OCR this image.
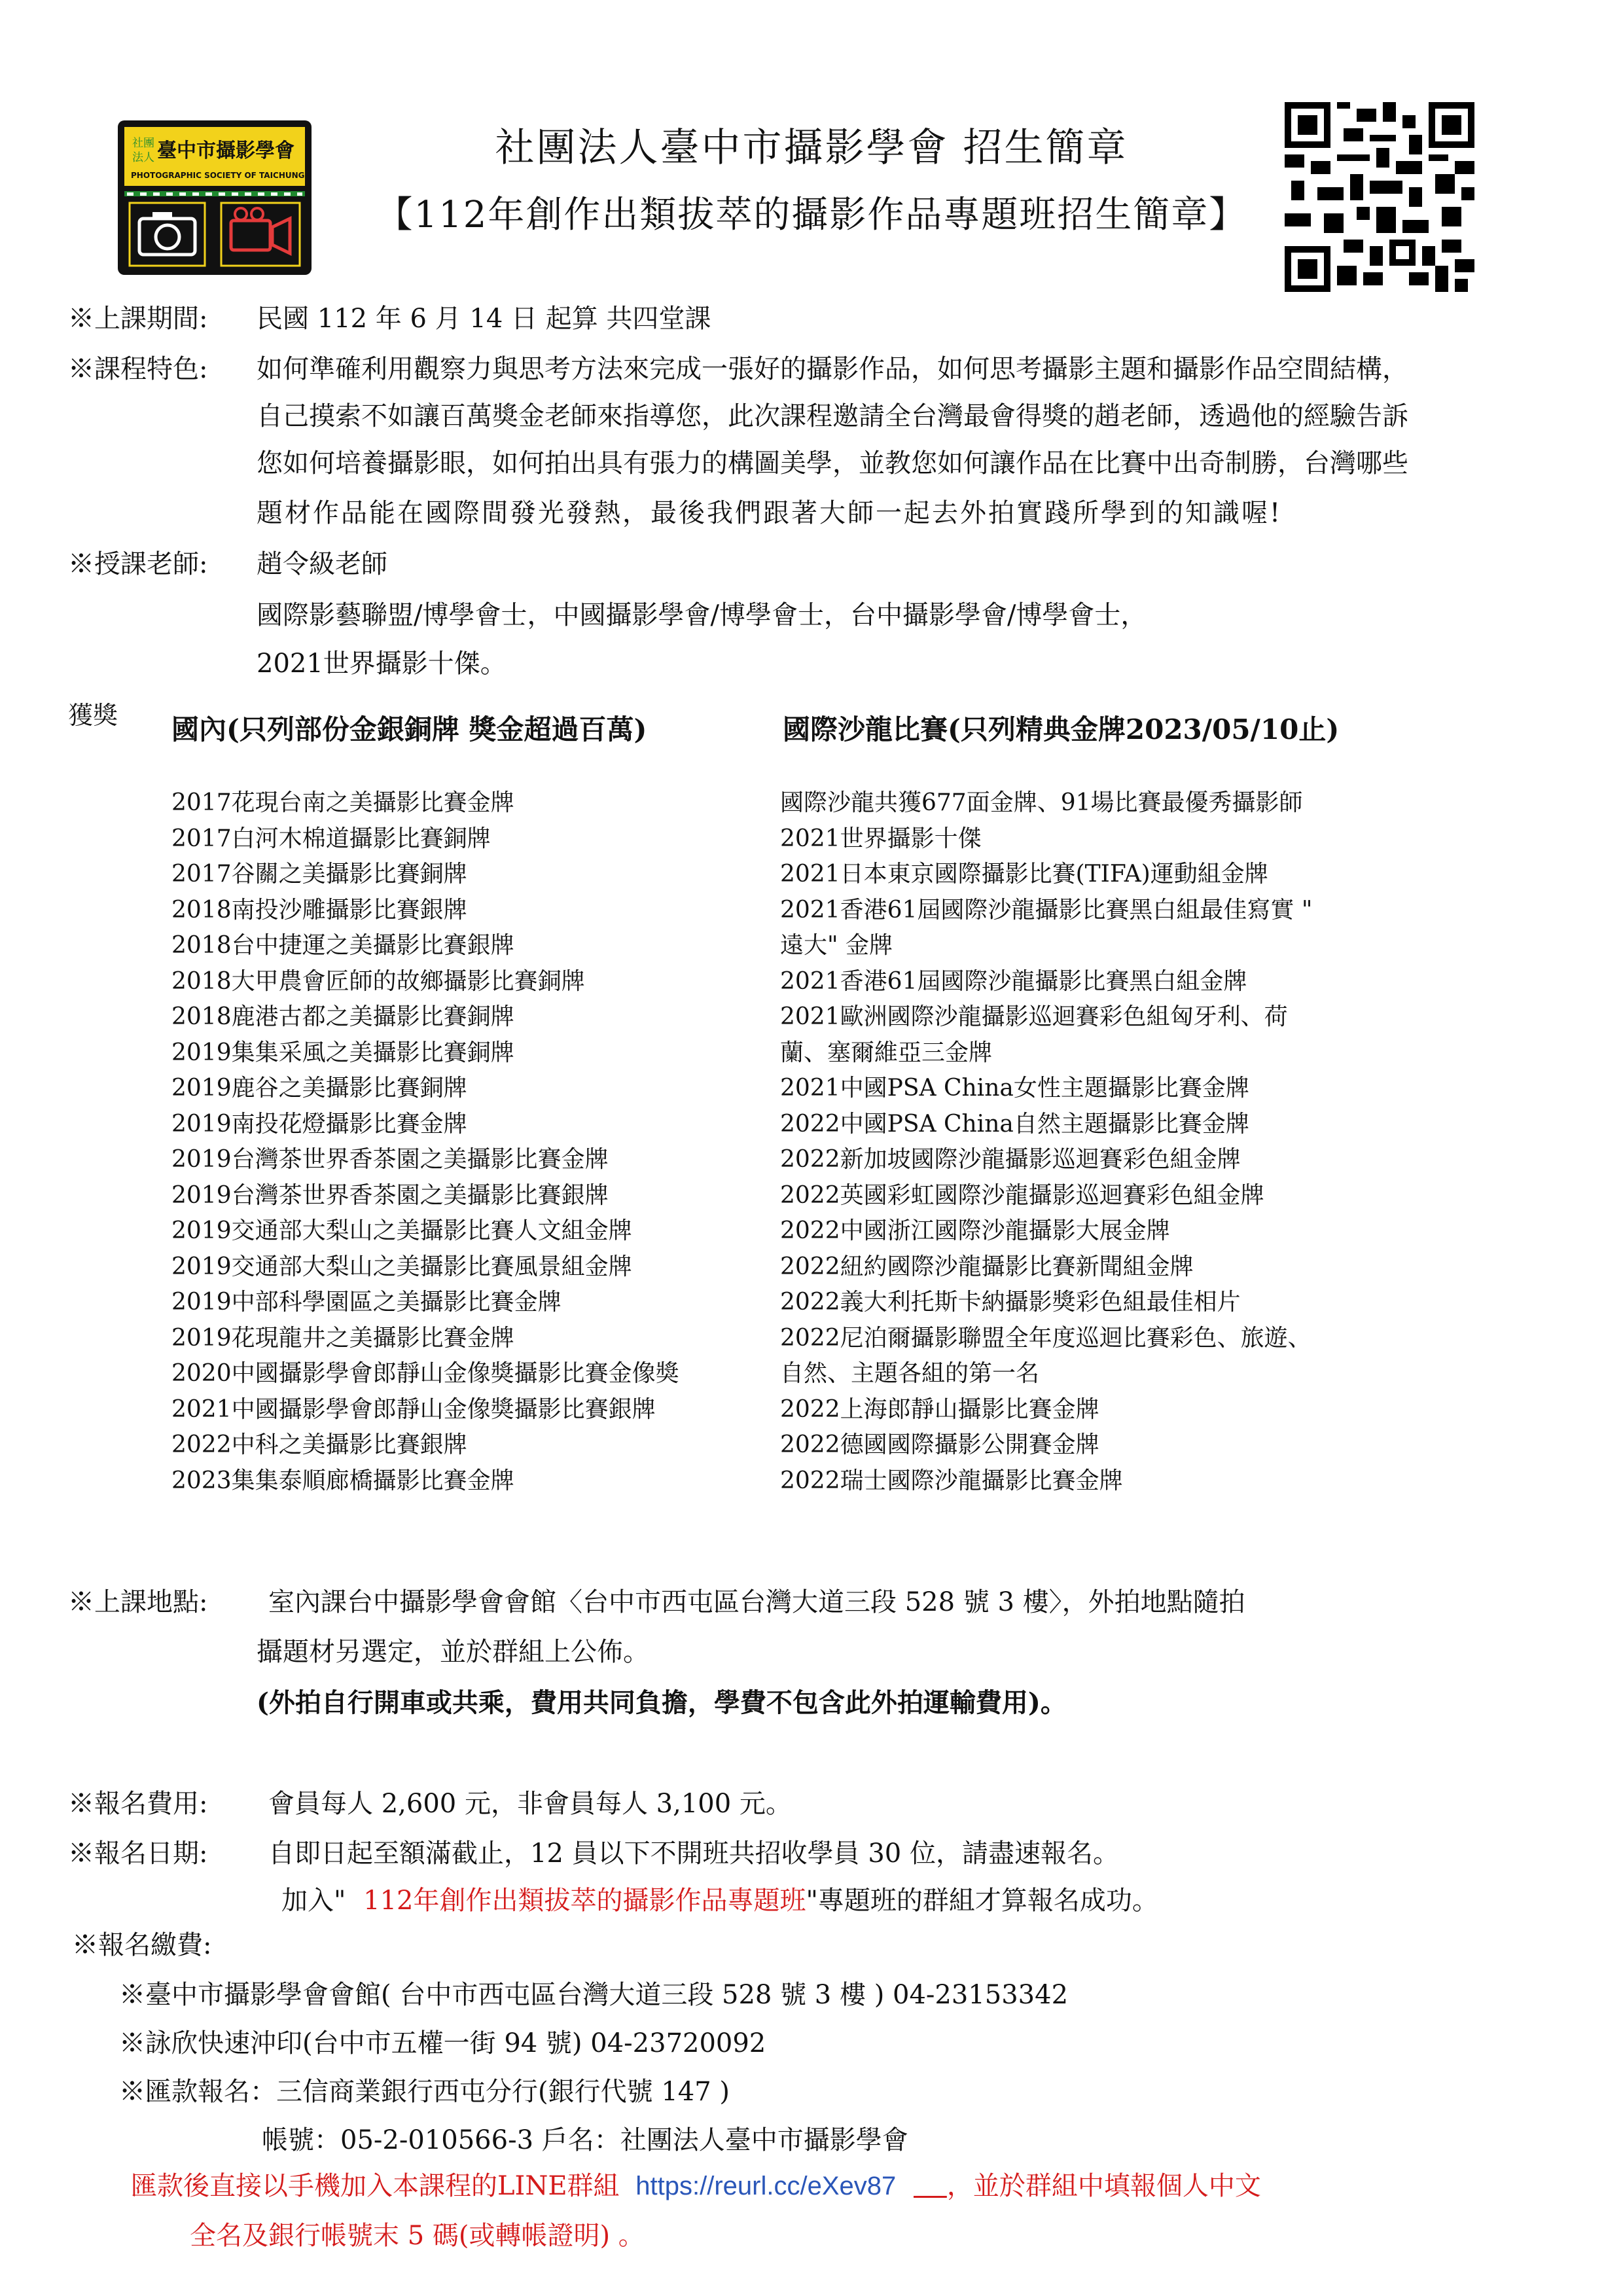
社團
法人 臺中市攝影學會
PHOTOGRAPHIC SOCIETY OF TAICHUNG
社團法人臺中市攝影學會 招生簡章
【112年創作出類拔萃的攝影作品專題班招生簡章】
※上課期間: 民國 112 年 6 月 14 日 起算 共四堂課
※課程特色: 如何準確利用觀察力與思考方法來完成一張好的攝影作品，如何思考攝影主題和攝影作品空間結構，
自己摸索不如讓百萬獎金老師來指導您，此次課程邀請全台灣最會得獎的趙老師，透過他的經驗告訴
您如何培養攝影眼，如何拍出具有張力的構圖美學，並教您如何讓作品在比賽中出奇制勝，台灣哪些
題材作品能在國際間發光發熱，最後我們跟著大師一起去外拍實踐所學到的知識喔!
※授課老師: 趙令級老師
國際影藝聯盟/博學會士，中國攝影學會/博學會士，台中攝影學會/博學會士，
2021世界攝影十傑。
獲獎 國內(只列部份金銀銅牌 獎金超過百萬)	國際沙龍比賽(只列精典金牌2023/05/10止)
2017花現台南之美攝影比賽金牌
2017白河木棉道攝影比賽銅牌
2017谷關之美攝影比賽銅牌
2018南投沙雕攝影比賽銀牌
2018台中捷運之美攝影比賽銀牌
2018大甲農會匠師的故鄉攝影比賽銅牌
2018鹿港古都之美攝影比賽銅牌
2019集集采風之美攝影比賽銅牌
2019鹿谷之美攝影比賽銅牌
2019南投花燈攝影比賽金牌
2019台灣茶世界香茶園之美攝影比賽金牌
2019台灣茶世界香茶園之美攝影比賽銀牌
2019交通部大梨山之美攝影比賽人文組金牌
2019交通部大梨山之美攝影比賽風景組金牌
2019中部科學園區之美攝影比賽金牌
2019花現龍井之美攝影比賽金牌
2020中國攝影學會郎靜山金像獎攝影比賽金像獎
2021中國攝影學會郎靜山金像獎攝影比賽銀牌
2022中科之美攝影比賽銀牌
2023集集泰順廊橋攝影比賽金牌
國際沙龍共獲677面金牌、91場比賽最優秀攝影師
2021世界攝影十傑
2021日本東京國際攝影比賽(TIFA)運動組金牌
2021香港61屆國際沙龍攝影比賽黑白組最佳寫實 "
遠大" 金牌
2021香港61屆國際沙龍攝影比賽黑白組金牌
2021歐洲國際沙龍攝影巡迴賽彩色組匈牙利、荷
蘭、塞爾維亞三金牌
2021中國PSA China女性主題攝影比賽金牌
2022中國PSA China自然主題攝影比賽金牌
2022新加坡國際沙龍攝影巡迴賽彩色組金牌
2022英國彩虹國際沙龍攝影巡迴賽彩色組金牌
2022中國浙江國際沙龍攝影大展金牌
2022紐約國際沙龍攝影比賽新聞組金牌
2022義大利托斯卡納攝影獎彩色組最佳相片
2022尼泊爾攝影聯盟全年度巡迴比賽彩色、旅遊、
自然、主題各組的第一名
2022上海郎靜山攝影比賽金牌
2022德國國際攝影公開賽金牌
2022瑞士國際沙龍攝影比賽金牌
※上課地點: 室內課台中攝影學會會館〈台中市西屯區台灣大道三段 528 號 3 樓〉，外拍地點隨拍
攝題材另選定，並於群組上公佈。
(外拍自行開車或共乘，費用共同負擔，學費不包含此外拍運輸費用)。
※報名費用: 會員每人 2,600 元，非會員每人 3,100 元。
※報名日期: 自即日起至額滿截止，12 員以下不開班共招收學員 30 位，請盡速報名。
加入" 112年創作出類拔萃的攝影作品專題班"專題班的群組才算報名成功。
※報名繳費:
※臺中市攝影學會會館( 台中市西屯區台灣大道三段 528 號 3 樓 ) 04-23153342
※詠欣快速沖印(台中市五權一街 94 號) 04-23720092
※匯款報名：三信商業銀行西屯分行(銀行代號 147 )
帳號：05-2-010566-3 戶名：社團法人臺中市攝影學會
匯款後直接以手機加入本課程的LINE群組 https://reurl.cc/eXev87 ，並於群組中填報個人中文
全名及銀行帳號末 5 碼(或轉帳證明) 。
